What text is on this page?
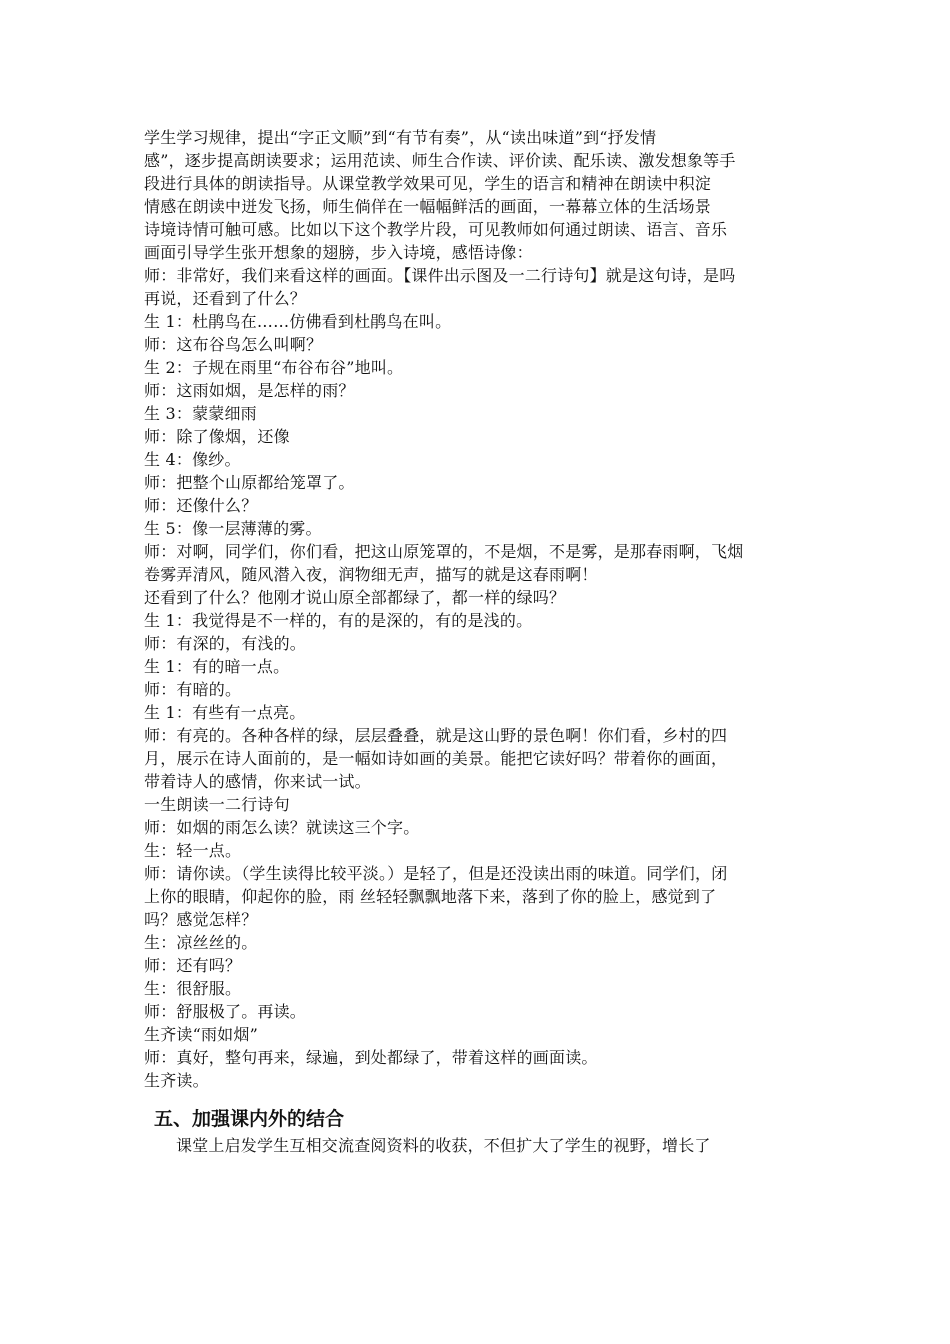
学生学习规律，提出“字正文顺”到“有节有奏”，从“读出味道”到“抒发情
感”，逐步提高朗读要求；运用范读、师生合作读、评价读、配乐读、激发想象等手
段进行具体的朗读指导。从课堂教学效果可见，学生的语言和精神在朗读中积淀
情感在朗读中迸发飞扬，师生倘佯在一幅幅鲜活的画面，一幕幕立体的生活场景
诗境诗情可触可感。比如以下这个教学片段，可见教师如何通过朗读、语言、音乐
画面引导学生张开想象的翅膀，步入诗境，感悟诗像：
师：非常好，我们来看这样的画面。【课件出示图及一二行诗句】就是这句诗，是吗
再说，还看到了什么？
生 1：杜鹃鸟在……仿佛看到杜鹃鸟在叫。
师：这布谷鸟怎么叫啊？
生 2：子规在雨里“布谷布谷”地叫。
师：这雨如烟，是怎样的雨？
生 3：蒙蒙细雨
师：除了像烟，还像
生 4：像纱。
师：把整个山原都给笼罩了。
师：还像什么？
生 5：像一层薄薄的雾。
师：对啊，同学们，你们看，把这山原笼罩的，不是烟，不是雾，是那春雨啊，飞烟
卷雾弄清风，随风潜入夜，润物细无声，描写的就是这春雨啊！
还看到了什么？他刚才说山原全部都绿了，都一样的绿吗？
生 1：我觉得是不一样的，有的是深的，有的是浅的。
师：有深的，有浅的。
生 1：有的暗一点。
师：有暗的。
生 1：有些有一点亮。
师：有亮的。各种各样的绿，层层叠叠，就是这山野的景色啊！你们看，乡村的四
月，展示在诗人面前的，是一幅如诗如画的美景。能把它读好吗？带着你的画面，
带着诗人的感情，你来试一试。
一生朗读一二行诗句
师：如烟的雨怎么读？就读这三个字。
生：轻一点。
师：请你读。（学生读得比较平淡。）是轻了，但是还没读出雨的味道。同学们，闭
上你的眼睛，仰起你的脸，雨 丝轻轻飘飘地落下来，落到了你的脸上，感觉到了
吗？感觉怎样？
生：凉丝丝的。
师：还有吗？
生：很舒服。
师：舒服极了。再读。
生齐读“雨如烟”
师：真好，整句再来，绿遍，到处都绿了，带着这样的画面读。
生齐读。
五、加强课内外的结合
课堂上启发学生互相交流查阅资料的收获，不但扩大了学生的视野，增长了
